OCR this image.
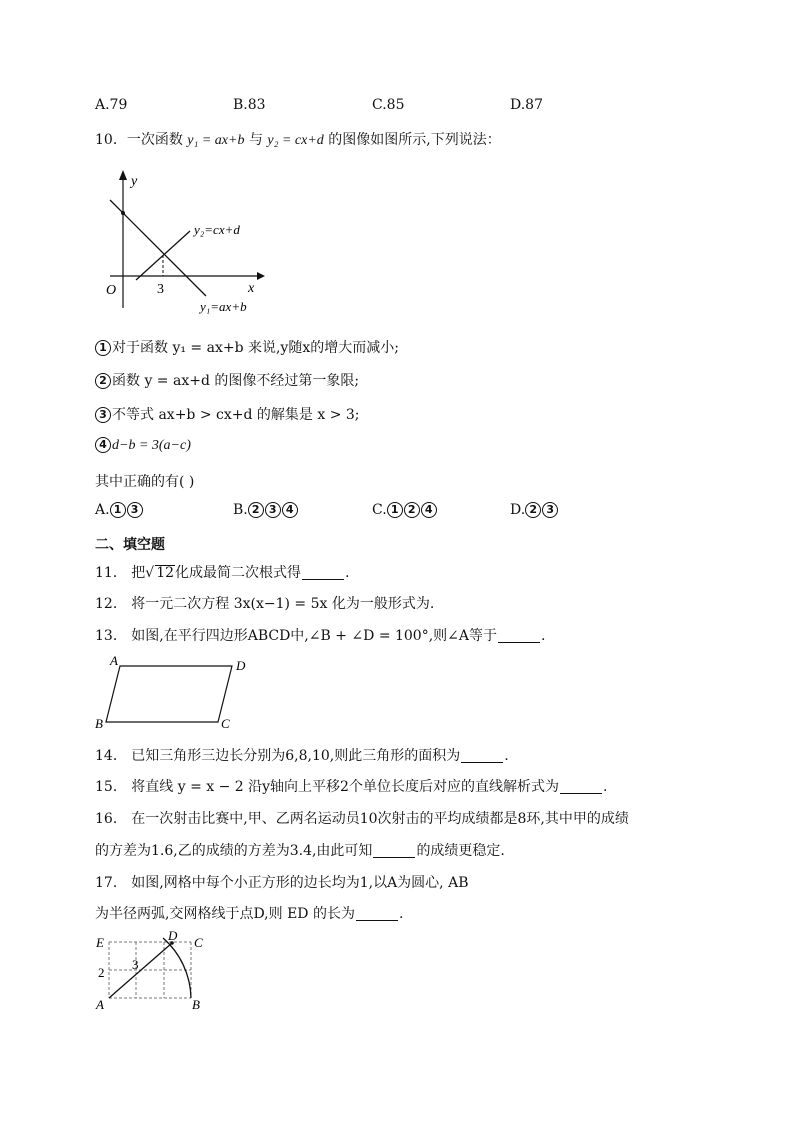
A.79	B.83	C.85	D.87
10．一次函数 y₁ = ax+b 与 y₂ = cx+d 的图像如图所示,下列说法：
y
x
O	3
y₂=cx+d
y₁=ax+b
1 对于函数 y₁ = ax+b 来说,y随x的增大而减小;
2 函数 y = ax+d 的图像不经过第一象限;
3 不等式 ax+b > cx+d 的解集是 x > 3;
4 d−b = 3(a−c)
其中正确的有( )
A. 1 3	B. 2 3 4	C. 1 2 4	D. 2 3
二、填空题
11． 把√ 12化成最简二次根式得	.
12． 将一元二次方程 3x(x−1) = 5x 化为一般形式为.
13． 如图,在平行四边形ABCD中,∠B + ∠D = 100°,则∠A等于	.
A	D
B	C
14． 已知三角形三边长分别为6,8,10,则此三角形的面积为	.
15． 将直线 y = x − 2 沿y轴向上平移2个单位长度后对应的直线解析式为	.
16． 在一次射击比赛中,甲、乙两名运动员10次射击的平均成绩都是8环,其中甲的成绩
的方差为1.6,乙的成绩的方差为3.4,由此可知	的成绩更稳定.
17． 如图,网格中每个小正方形的边长均为1,以A为圆心, AB
为半径两弧,交网格线于点D,则 ED 的长为	.
E	D C
2
3
A	B
